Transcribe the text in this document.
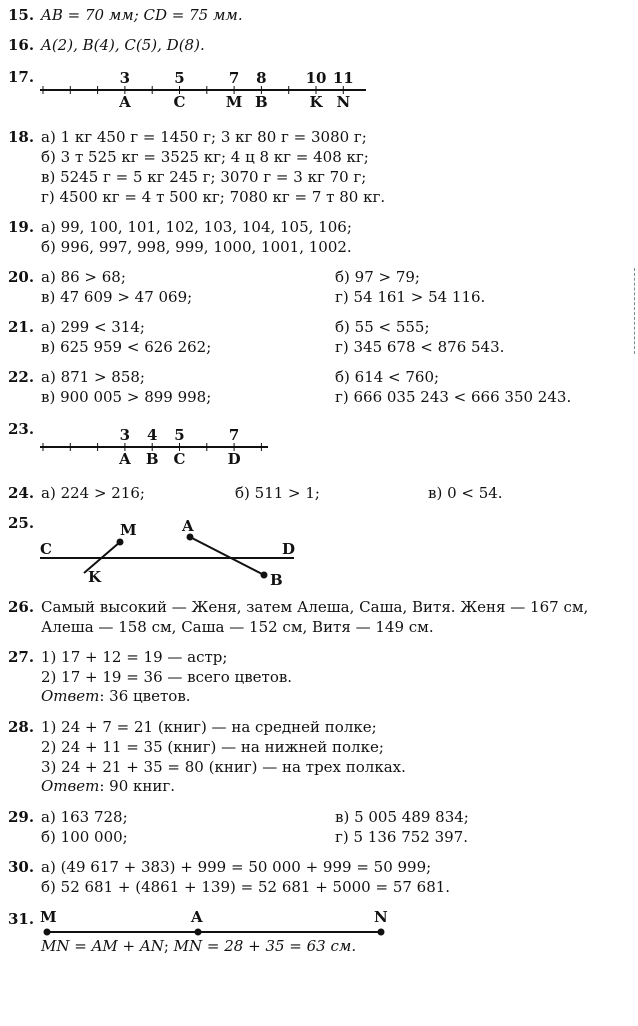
15. AB = 70 мм; CD = 75 мм.
16. A(2), B(4), C(5), D(8).
17.	3
A
5
C
7
M
8
B
10
K
11
N
18. а) 1 кг 450 г = 1450 г; 3 кг 80 г = 3080 г;
б) 3 т 525 кг = 3525 кг; 4 ц 8 кг = 408 кг;
в) 5245 г = 5 кг 245 г; 3070 г = 3 кг 70 г;
г) 4500 кг = 4 т 500 кг; 7080 кг = 7 т 80 кг.
19. а) 99, 100, 101, 102, 103, 104, 105, 106;
б) 996, 997, 998, 999, 1000, 1001, 1002.
20. а) 86 > 68;	б) 97 > 79;
в) 47 609 > 47 069;	г) 54 161 > 54 116.
21. а) 299 < 314;	б) 55 < 555;
в) 625 959 < 626 262;	г) 345 678 < 876 543.
22. а) 871 > 858;	б) 614 < 760;
в) 900 005 > 899 998;	г) 666 035 243 < 666 350 243.
23.	3
A
4
B
5
C
7
D
24. а) 224 > 216;	б) 511 > 1;	в) 0 < 54.
25.	M	A
C	D
K	B
26. Самый высокий — Женя, затем Алеша, Саша, Витя. Женя — 167 см,
Алеша — 158 см, Саша — 152 см, Витя — 149 см.
27. 1) 17 + 12 = 19 — астр;
2) 17 + 19 = 36 — всего цветов.
Ответ: 36 цветов.
28. 1) 24 + 7 = 21 (книг) — на средней полке;
2) 24 + 11 = 35 (книг) — на нижней полке;
3) 24 + 21 + 35 = 80 (книг) — на трех полках.
Ответ: 90 книг.
29. а) 163 728;	в) 5 005 489 834;
б) 100 000;	г) 5 136 752 397.
30. а) (49 617 + 383) + 999 = 50 000 + 999 = 50 999;
б) 52 681 + (4861 + 139) = 52 681 + 5000 = 57 681.
31. M	A	N
MN = AM + AN; MN = 28 + 35 = 63 см.
